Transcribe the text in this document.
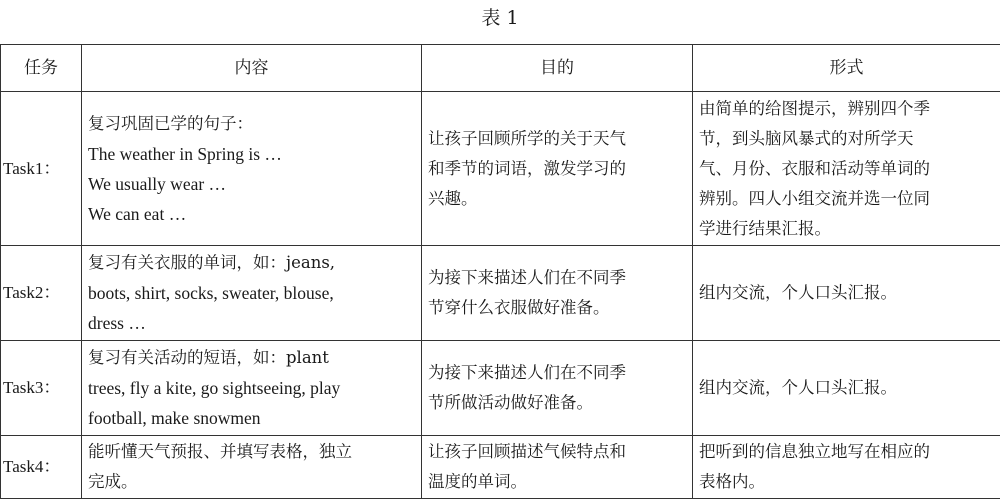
表 1
任务	内容	目的	形式
Task1：	复习巩固已学的句子：
The weather in Spring is …
We usually wear …
We can eat …	让孩子回顾所学的关于天气
和季节的词语，激发学习的
兴趣。	由简单的给图提示，辨别四个季
节，到头脑风暴式的对所学天
气、月份、衣服和活动等单词的
辨别。四人小组交流并选一位同
学进行结果汇报。

Task2：	复习有关衣服的单词，如：jeans,
boots, shirt, socks, sweater, blouse,
dress …	为接下来描述人们在不同季
节穿什么衣服做好准备。	组内交流，个人口头汇报。

Task3：	复习有关活动的短语，如：plant
trees, fly a kite, go sightseeing, play
football, make snowmen	为接下来描述人们在不同季
节所做活动做好准备。	组内交流，个人口头汇报。

Task4：	能听懂天气预报、并填写表格，独立
完成。	让孩子回顾描述气候特点和
温度的单词。	把听到的信息独立地写在相应的
表格内。
